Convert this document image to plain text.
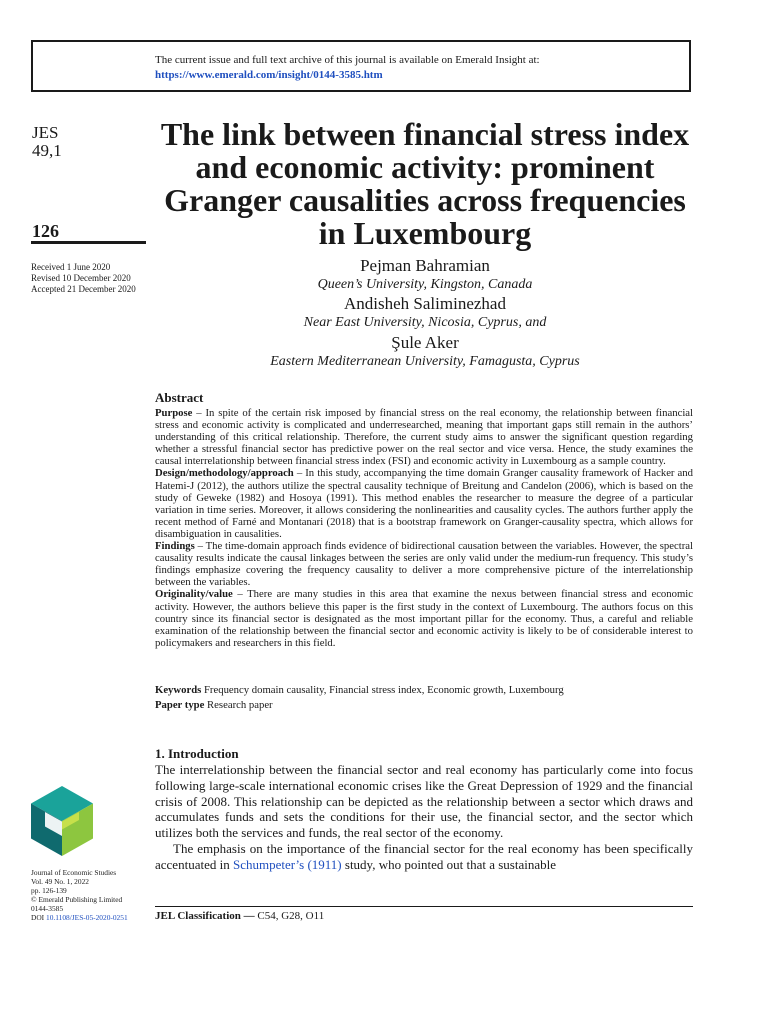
The current issue and full text archive of this journal is available on Emerald Insight at:
https://www.emerald.com/insight/0144-3585.htm
JES
49,1
126
Received 1 June 2020
Revised 10 December 2020
Accepted 21 December 2020
The link between financial stress index and economic activity: prominent Granger causalities across frequencies in Luxembourg
Pejman Bahramian
Queen’s University, Kingston, Canada
Andisheh Saliminezhad
Near East University, Nicosia, Cyprus, and
Şule Aker
Eastern Mediterranean University, Famagusta, Cyprus
Abstract

Purpose – In spite of the certain risk imposed by financial stress on the real economy, the relationship between financial stress and economic activity is complicated and underresearched, meaning that important gaps still remain in the authors’ understanding of this critical relationship. Therefore, the current study aims to answer the significant question regarding whether a stressful financial sector has predictive power on the real sector and vice versa. Hence, the study examines the causal interrelationship between financial stress index (FSI) and economic activity in Luxembourg as a sample country.

Design/methodology/approach – In this study, accompanying the time domain Granger causality framework of Hacker and Hatemi-J (2012), the authors utilize the spectral causality technique of Breitung and Candelon (2006), which is based on the study of Geweke (1982) and Hosoya (1991). This method enables the researcher to measure the degree of a particular variation in time series. Moreover, it allows considering the nonlinearities and causality cycles. The authors further apply the recent method of Farné and Montanari (2018) that is a bootstrap framework on Granger-causality spectra, which allows for disambiguation in causalities.

Findings – The time-domain approach finds evidence of bidirectional causation between the variables. However, the spectral causality results indicate the causal linkages between the series are only valid under the medium-run frequency. This study’s findings emphasize covering the frequency causality to deliver a more comprehensive picture of the interrelationship between the variables.

Originality/value – There are many studies in this area that examine the nexus between financial stress and economic activity. However, the authors believe this paper is the first study in the context of Luxembourg. The authors focus on this country since its financial sector is designated as the most important pillar for the economy. Thus, a careful and reliable examination of the relationship between the financial sector and economic activity is likely to be of considerable interest to policymakers and researchers in this field.

Keywords Frequency domain causality, Financial stress index, Economic growth, Luxembourg
Paper type Research paper
1. Introduction

The interrelationship between the financial sector and real economy has particularly come into focus following large-scale international economic crises like the Great Depression of 1929 and the financial crisis of 2008. This relationship can be depicted as the relationship between a sector which draws and accumulates funds and sets the conditions for their use, the financial sector, and the sector which utilizes both the services and funds, the real sector of the economy.

The emphasis on the importance of the financial sector for the real economy has been specifically accentuated in Schumpeter’s (1911) study, who pointed out that a sustainable

JEL Classification — C54, G28, O11
Journal of Economic Studies
Vol. 49 No. 1, 2022
pp. 126-139
© Emerald Publishing Limited
0144-3585
DOI 10.1108/JES-05-2020-0251
